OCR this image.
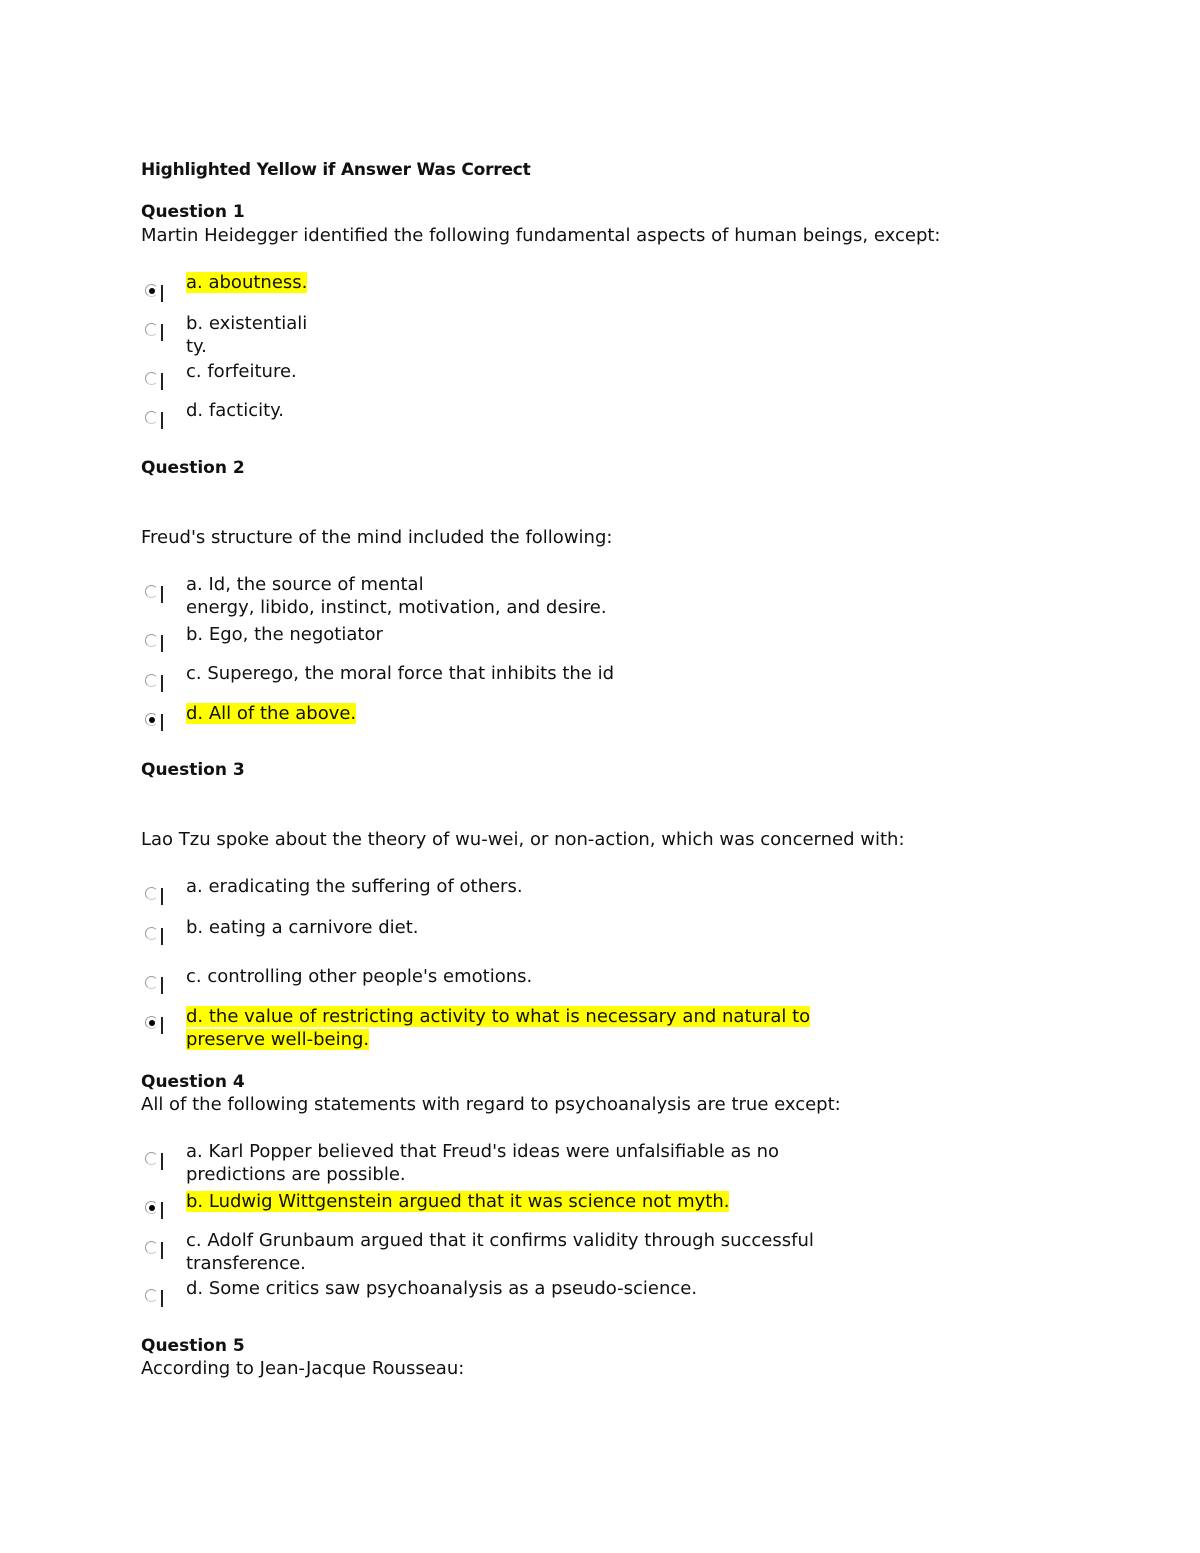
Highlighted Yellow if Answer Was Correct
Question 1
Martin Heidegger identified the following fundamental aspects of human beings, except:
a. aboutness.
b. existentiali
ty.
c. forfeiture.
d. facticity.
Question 2
Freud's structure of the mind included the following:
a. Id, the source of mental
energy, libido, instinct, motivation, and desire.
b. Ego, the negotiator
c. Superego, the moral force that inhibits the id
d. All of the above.
Question 3
Lao Tzu spoke about the theory of wu-wei, or non-action, which was concerned with:
a. eradicating the suffering of others.
b. eating a carnivore diet.
c. controlling other people's emotions.
d. the value of restricting activity to what is necessary and natural to
preserve well-being.
Question 4
All of the following statements with regard to psychoanalysis are true except:
a. Karl Popper believed that Freud's ideas were unfalsifiable as no
predictions are possible.
b. Ludwig Wittgenstein argued that it was science not myth.
c. Adolf Grunbaum argued that it confirms validity through successful
transference.
d. Some critics saw psychoanalysis as a pseudo-science.
Question 5
According to Jean-Jacque Rousseau:
